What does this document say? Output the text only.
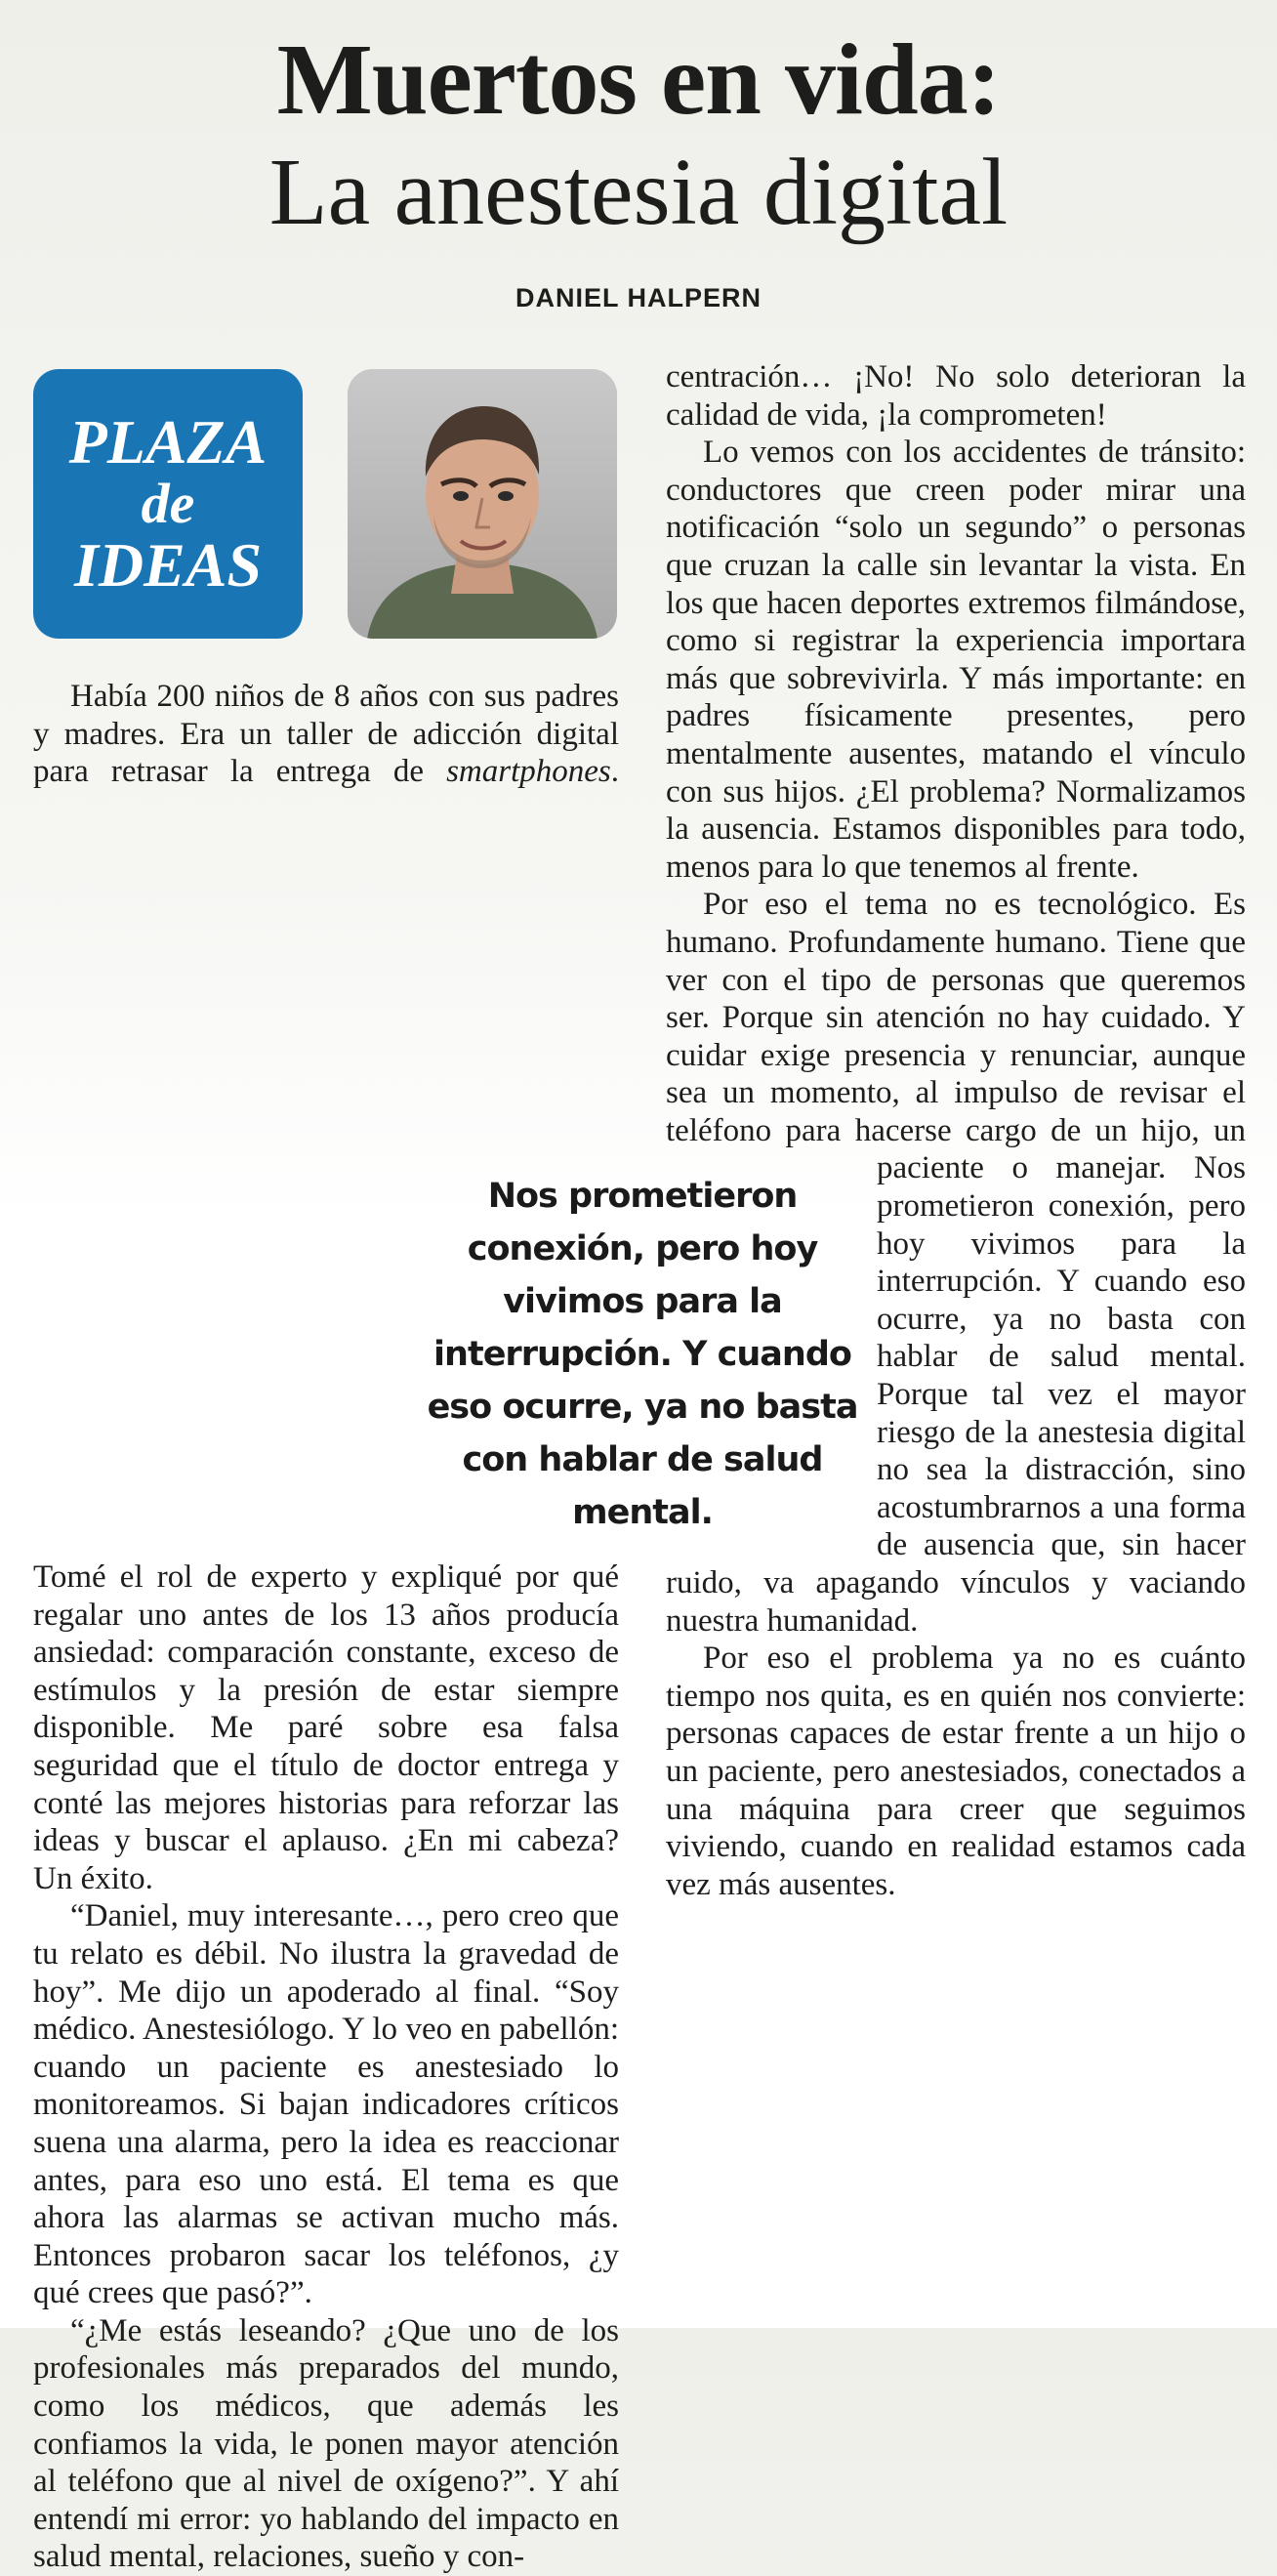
Muertos en vida:
La anestesia digital
DANIEL HALPERN
PLAZA
de
IDEAS

Había 200 niños de 8 años con sus padres y madres. Era un taller de adicción digital para retrasar la entrega de smartphones. Tomé el rol de experto y expliqué por qué regalar uno antes de los 13 años producía ansiedad: comparación constante, exceso de estímulos y la presión de estar siempre disponible. Me paré sobre esa falsa seguridad que el título de doctor entrega y conté las mejores historias para reforzar las ideas y buscar el aplauso. ¿En mi cabeza? Un éxito.

“Daniel, muy interesante…, pero creo que tu relato es débil. No ilustra la gravedad de hoy”. Me dijo un apoderado al final. “Soy médico. Anestesiólogo. Y lo veo en pabellón: cuando un paciente es anestesiado lo monitoreamos. Si bajan indicadores críticos suena una alarma, pero la idea es reaccionar antes, para eso uno está. El tema es que ahora las alarmas se activan mucho más. Entonces probaron sacar los teléfonos, ¿y qué crees que pasó?”.

“¿Me estás leseando? ¿Que uno de los profesionales más preparados del mundo, como los médicos, que además les confiamos la vida, le ponen mayor atención al teléfono que al nivel de oxígeno?”. Y ahí entendí mi error: yo hablando del impacto en salud mental, relaciones, sueño y con-

centración… ¡No! No solo deterioran la calidad de vida, ¡la comprometen!

Lo vemos con los accidentes de tránsito: conductores que creen poder mirar una notificación “solo un segundo” o personas que cruzan la calle sin levantar la vista. En los que hacen deportes extremos filmándose, como si registrar la experiencia importara más que sobrevivirla. Y más importante: en padres físicamente presentes, pero mentalmente ausentes, matando el vínculo con sus hijos. ¿El problema? Normalizamos la ausencia. Estamos disponibles para todo, menos para lo que tenemos al frente.

Por eso el tema no es tecnológico. Es humano. Profundamente humano. Tiene que ver con el tipo de personas que queremos ser. Porque sin atención no hay cuidado. Y cuidar exige presencia y renunciar, aunque sea un momento, al impulso de revisar el teléfono para hacerse cargo de un hijo, un paciente o manejar. Nos prometieron conexión, pero hoy vivimos para la interrupción. Y cuando eso ocurre, ya no basta con hablar de salud mental. Porque tal vez el mayor riesgo de la anestesia digital no sea la distracción, sino acostumbrarnos a una forma de ausencia que, sin hacer ruido, va apagando vínculos y vaciando nuestra humanidad.

Por eso el problema ya no es cuánto tiempo nos quita, es en quién nos convierte: personas capaces de estar frente a un hijo o un paciente, pero anestesiados, conectados a una máquina para creer que seguimos viviendo, cuando en realidad estamos cada vez más ausentes.

Nos prometieron conexión, pero hoy vivimos para la interrupción. Y cuando eso ocurre, ya no basta con hablar de salud mental.
